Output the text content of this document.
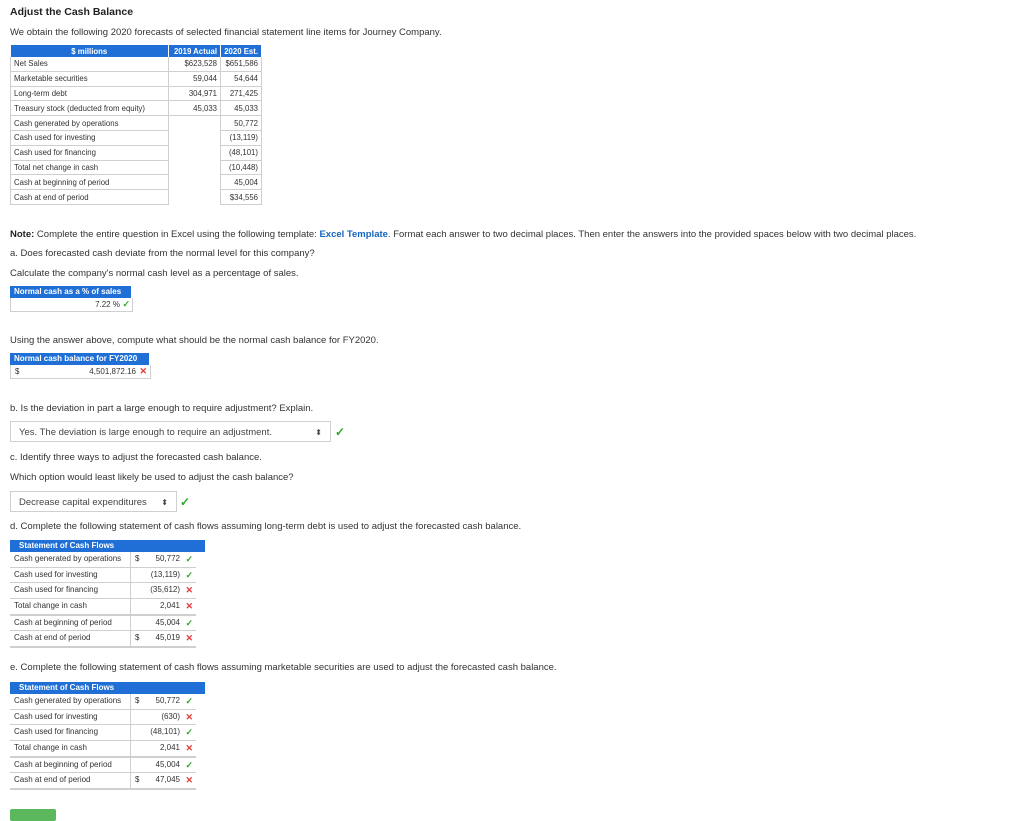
Adjust the Cash Balance
We obtain the following 2020 forecasts of selected financial statement line items for Journey Company.
$ millions	2019 Actual	2020 Est.
Net Sales	$623,528	$651,586
Marketable securities	59,044	54,644
Long-term debt	304,971	271,425
Treasury stock (deducted from equity)	45,033	45,033
Cash generated by operations		50,772
Cash used for investing		(13,119)
Cash used for financing		(48,101)
Total net change in cash		(10,448)
Cash at beginning of period		45,004
Cash at end of period		$34,556
Note: Complete the entire question in Excel using the following template: Excel Template. Format each answer to two decimal places. Then enter the answers into the provided spaces below with two decimal places.
a. Does forecasted cash deviate from the normal level for this company?
Calculate the company's normal cash level as a percentage of sales.
Normal cash as a % of sales
7.22 % ✓
Using the answer above, compute what should be the normal cash balance for FY2020.
Normal cash balance for FY2020
$	4,501,872.16 ✕
b. Is the deviation in part a large enough to require adjustment? Explain.
Yes. The deviation is large enough to require an adjustment.	⬍ ✓
c. Identify three ways to adjust the forecasted cash balance.
Which option would least likely be used to adjust the cash balance?
Decrease capital expenditures ⬍ ✓
d. Complete the following statement of cash flows assuming long-term debt is used to adjust the forecasted cash balance.
Statement of Cash Flows
Cash generated by operations $ 50,772 ✓
Cash used for investing	(13,119) ✓
Cash used for financing	(35,612) ✕
Total change in cash	2,041 ✕
Cash at beginning of period	45,004 ✓
Cash at end of period	$ 45,019 ✕
e. Complete the following statement of cash flows assuming marketable securities are used to adjust the forecasted cash balance.
Statement of Cash Flows
Cash generated by operations $ 50,772 ✓
Cash used for investing	(630) ✕
Cash used for financing	(48,101) ✓
Total change in cash	2,041 ✕
Cash at beginning of period	45,004 ✓
Cash at end of period	$ 47,045 ✕
